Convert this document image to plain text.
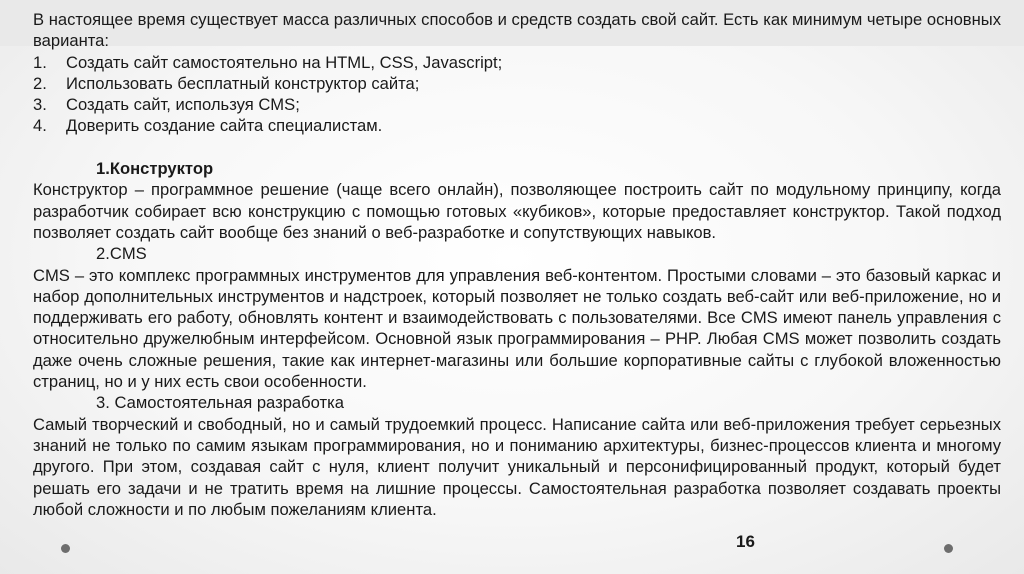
В настоящее время существует масса различных способов и средств создать свой сайт. Есть как минимум четыре основных варианта:

1.	Создать сайт самостоятельно на HTML, CSS, Javascript;
2.	Использовать бесплатный конструктор сайта;
3.	Создать сайт, используя CMS;
4.	Доверить создание сайта специалистам.

1.Конструктор

Конструктор – программное решение (чаще всего онлайн), позволяющее построить сайт по модульному принципу, когда разработчик собирает всю конструкцию с помощью готовых «кубиков», которые предоставляет конструктор. Такой подход позволяет создать сайт вообще без знаний о веб-разработке и сопутствующих навыков.

2.CMS

CMS – это комплекс программных инструментов для управления веб-контентом. Простыми словами – это базовый каркас и набор дополнительных инструментов и надстроек, который позволяет не только создать веб-сайт или веб-приложение, но и поддерживать его работу, обновлять контент и взаимодействовать с пользователями. Все CMS имеют панель управления с относительно дружелюбным интерфейсом. Основной язык программирования – PHP. Любая CMS может позволить создать даже очень сложные решения, такие как интернет-магазины или большие корпоративные сайты с глубокой вложенностью страниц, но и у них есть свои особенности.

3. Самостоятельная разработка

Самый творческий и свободный, но и самый трудоемкий процесс. Написание сайта или веб-приложения требует серьезных знаний не только по самим языкам программирования, но и пониманию архитектуры, бизнес-процессов клиента и многому другого. При этом, создавая сайт с нуля, клиент получит уникальный и персонифицированный продукт, который будет решать его задачи и не тратить время на лишние процессы. Самостоятельная разработка позволяет создавать проекты любой сложности и по любым пожеланиям клиента.

16
